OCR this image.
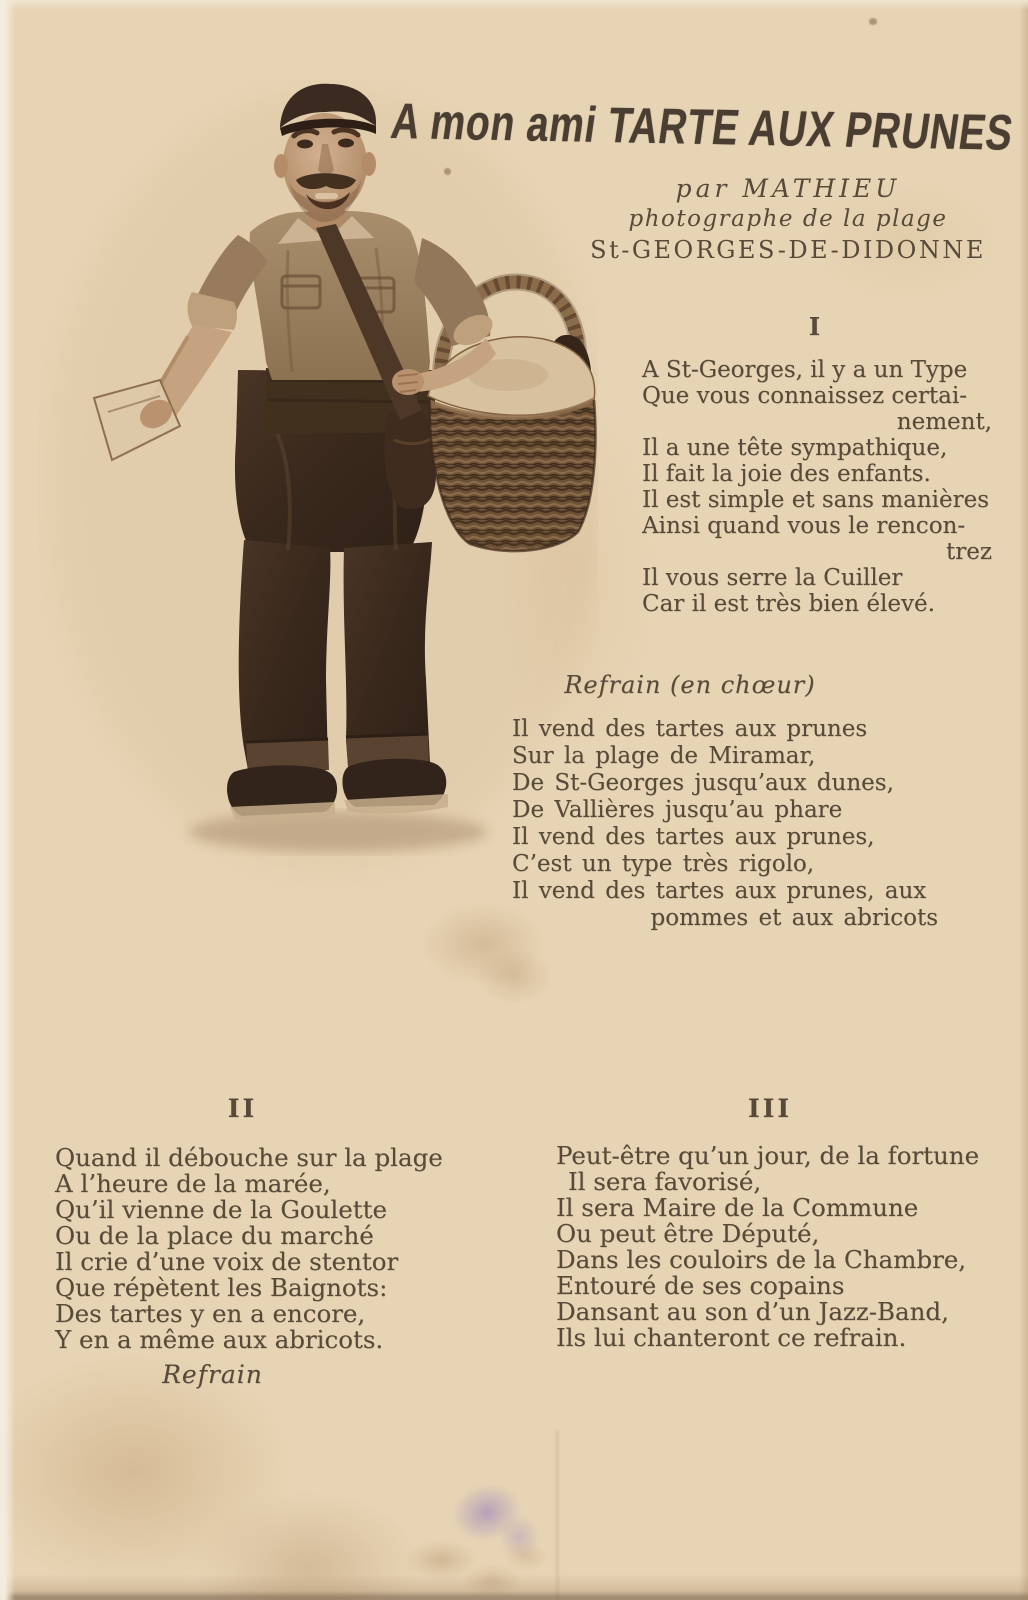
A mon ami TARTE AUX PRUNES
par MATHIEU
photographe de la plage
St-GEORGES-DE-DIDONNE
I
A St-Georges, il y a un Type
Que vous connaissez certai-
nement,
Il a une tête sympathique,
Il fait la joie des enfants.
Il est simple et sans manières
Ainsi quand vous le rencon-
trez
Il vous serre la Cuiller
Car il est très bien élevé.
Refrain (en chœur)
Il vend des tartes aux prunes
Sur la plage de Miramar,
De St-Georges jusqu’aux dunes,
De Vallières jusqu’au phare
Il vend des tartes aux prunes,
C’est un type très rigolo,
Il vend des tartes aux prunes, aux
pommes et aux abricots
II
Quand il débouche sur la plage
A l’heure de la marée,
Qu’il vienne de la Goulette
Ou de la place du marché
Il crie d’une voix de stentor
Que répètent les Baignots:
Des tartes y en a encore,
Y en a même aux abricots.
Refrain
III
Peut-être qu’un jour, de la fortune
Il sera favorisé,
Il sera Maire de la Commune
Ou peut être Député,
Dans les couloirs de la Chambre,
Entouré de ses copains
Dansant au son d’un Jazz-Band,
Ils lui chanteront ce refrain.
